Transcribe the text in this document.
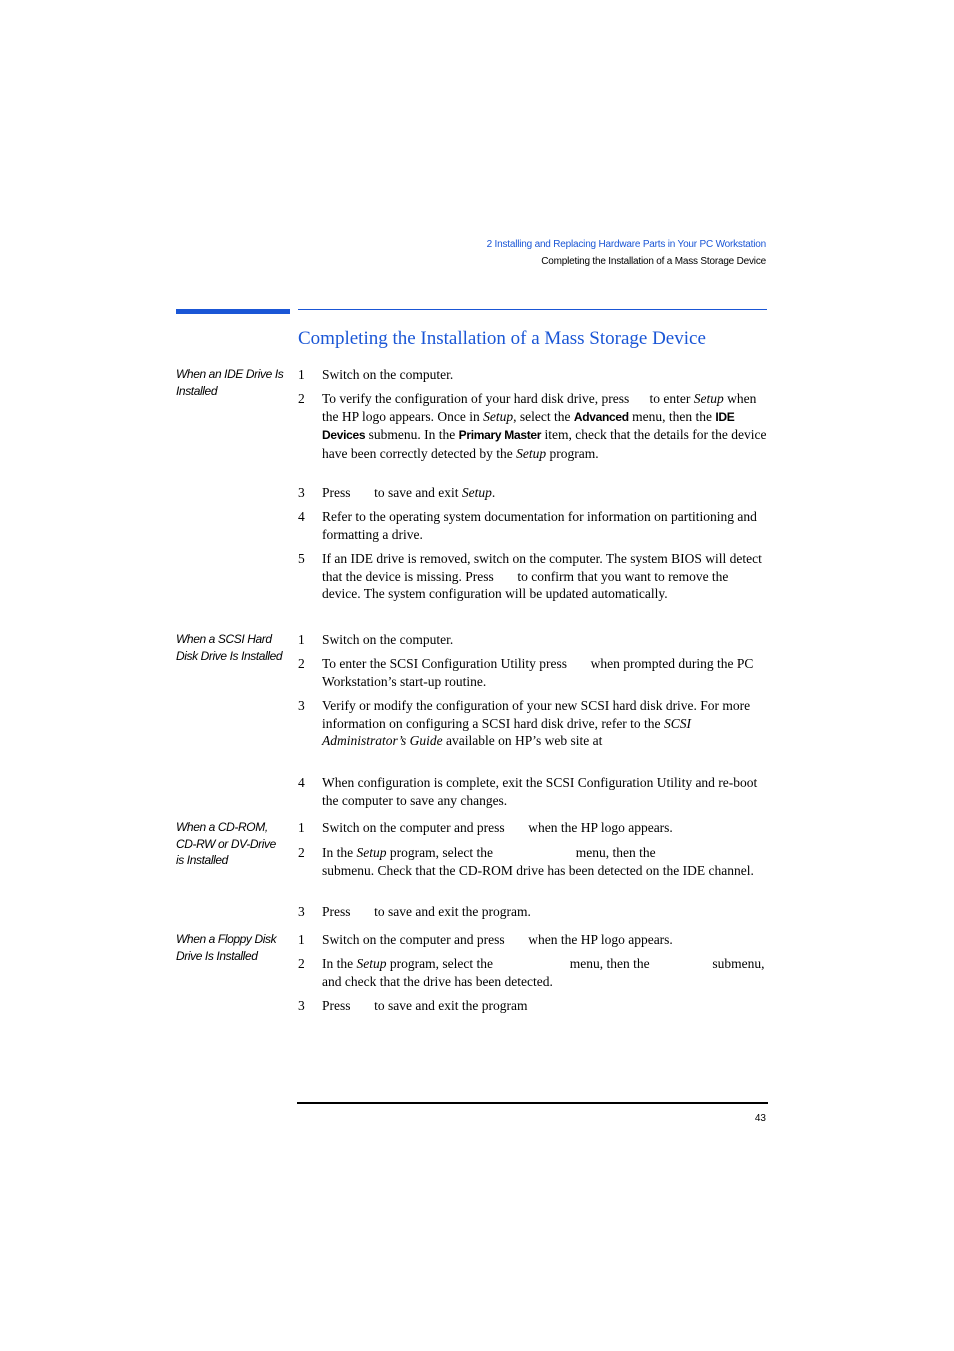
2 Installing and Replacing Hardware Parts in Your PC Workstation
Completing the Installation of a Mass Storage Device
Completing the Installation of a Mass Storage Device
When an IDE Drive Is Installed
1 Switch on the computer.
2 To verify the configuration of your hard disk drive, press to enter Setup when the HP logo appears. Once in Setup, select the Advanced menu, then the IDE Devices submenu. In the Primary Master item, check that the details for the device have been correctly detected by the Setup program.
3 Press to save and exit Setup.
4 Refer to the operating system documentation for information on partitioning and formatting a drive.
5 If an IDE drive is removed, switch on the computer. The system BIOS will detect that the device is missing. Press to confirm that you want to remove the device. The system configuration will be updated automatically.
When a SCSI Hard Disk Drive Is Installed
1 Switch on the computer.
2 To enter the SCSI Configuration Utility press when prompted during the PC Workstation’s start-up routine.
3 Verify or modify the configuration of your new SCSI hard disk drive. For more information on configuring a SCSI hard disk drive, refer to the SCSI Administrator’s Guide available on HP’s web site at
4 When configuration is complete, exit the SCSI Configuration Utility and re-boot the computer to save any changes.
When a CD-ROM, CD-RW or DV-Drive is Installed
1 Switch on the computer and press when the HP logo appears.
2 In the Setup program, select the	menu, then the  submenu. Check that the CD-ROM drive has been detected on the IDE channel.
3 Press to save and exit the program.
When a Floppy Disk Drive Is Installed
1 Switch on the computer and press when the HP logo appears.
2 In the Setup program, select the	menu, then the	submenu, and check that the drive has been detected.
3 Press to save and exit the program
43
